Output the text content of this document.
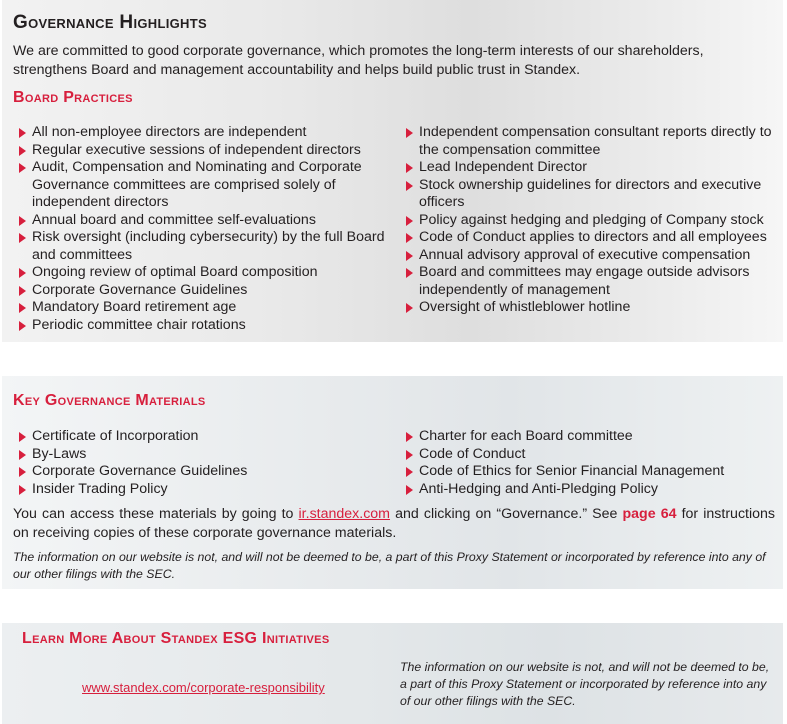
Governance Highlights

We are committed to good corporate governance, which promotes the long-term interests of our shareholders, strengthens Board and management accountability and helps build public trust in Standex.

Board Practices
All non-employee directors are independent
Regular executive sessions of independent directors
Audit, Compensation and Nominating and Corporate Governance committees are comprised solely of independent directors
Annual board and committee self-evaluations
Risk oversight (including cybersecurity) by the full Board and committees
Ongoing review of optimal Board composition
Corporate Governance Guidelines
Mandatory Board retirement age
Periodic committee chair rotations
Independent compensation consultant reports directly to the compensation committee
Lead Independent Director
Stock ownership guidelines for directors and executive officers
Policy against hedging and pledging of Company stock
Code of Conduct applies to directors and all employees
Annual advisory approval of executive compensation
Board and committees may engage outside advisors independently of management
Oversight of whistleblower hotline
Key Governance Materials
Certificate of Incorporation
By-Laws
Corporate Governance Guidelines
Insider Trading Policy
Charter for each Board committee
Code of Conduct
Code of Ethics for Senior Financial Management
Anti-Hedging and Anti-Pledging Policy

You can access these materials by going to ir.standex.com and clicking on “Governance.” See page 64 for instructions on receiving copies of these corporate governance materials.

The information on our website is not, and will not be deemed to be, a part of this Proxy Statement or incorporated by reference into any of our other filings with the SEC.

Learn More About Standex ESG Initiatives
www.standex.com/corporate-responsibility

The information on our website is not, and will not be deemed to be, a part of this Proxy Statement or incorporated by reference into any of our other filings with the SEC.
